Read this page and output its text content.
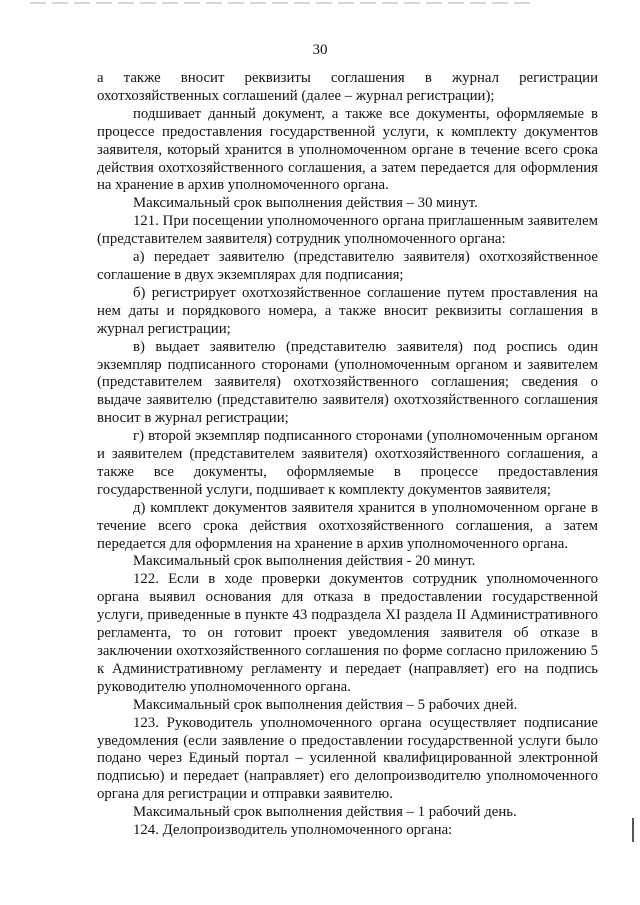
30

а также вносит реквизиты соглашения в журнал регистрации охотхозяйственных соглашений (далее – журнал регистрации);

подшивает данный документ, а также все документы, оформляемые в процессе предоставления государственной услуги, к комплекту документов заявителя, который хранится в уполномоченном органе в течение всего срока действия охотхозяйственного соглашения, а затем передается для оформления на хранение в архив уполномоченного органа.

Максимальный срок выполнения действия – 30 минут.

121. При посещении уполномоченного органа приглашенным заявителем (представителем заявителя) сотрудник уполномоченного органа:

а) передает заявителю (представителю заявителя) охотхозяйственное соглашение в двух экземплярах для подписания;

б) регистрирует охотхозяйственное соглашение путем проставления на нем даты и порядкового номера, а также вносит реквизиты соглашения в журнал регистрации;

в) выдает заявителю (представителю заявителя) под роспись один экземпляр подписанного сторонами (уполномоченным органом и заявителем (представителем заявителя) охотхозяйственного соглашения; сведения о выдаче заявителю (представителю заявителя) охотхозяйственного соглашения вносит в журнал регистрации;

г) второй экземпляр подписанного сторонами (уполномоченным органом и заявителем (представителем заявителя) охотхозяйственного соглашения, а также все документы, оформляемые в процессе предоставления государственной услуги, подшивает к комплекту документов заявителя;

д) комплект документов заявителя хранится в уполномоченном органе в течение всего срока действия охотхозяйственного соглашения, а затем передается для оформления на хранение в архив уполномоченного органа.

Максимальный срок выполнения действия - 20 минут.

122. Если в ходе проверки документов сотрудник уполномоченного органа выявил основания для отказа в предоставлении государственной услуги, приведенные в пункте 43 подраздела XI раздела II Административного регламента, то он готовит проект уведомления заявителя об отказе в заключении охотхозяйственного соглашения по форме согласно приложению 5 к Административному регламенту и передает (направляет) его на подпись руководителю уполномоченного органа.

Максимальный срок выполнения действия – 5 рабочих дней.

123. Руководитель уполномоченного органа осуществляет подписание уведомления (если заявление о предоставлении государственной услуги было подано через Единый портал – усиленной квалифицированной электронной подписью) и передает (направляет) его делопроизводителю уполномоченного органа для регистрации и отправки заявителю.

Максимальный срок выполнения действия – 1 рабочий день.

124. Делопроизводитель уполномоченного органа:
